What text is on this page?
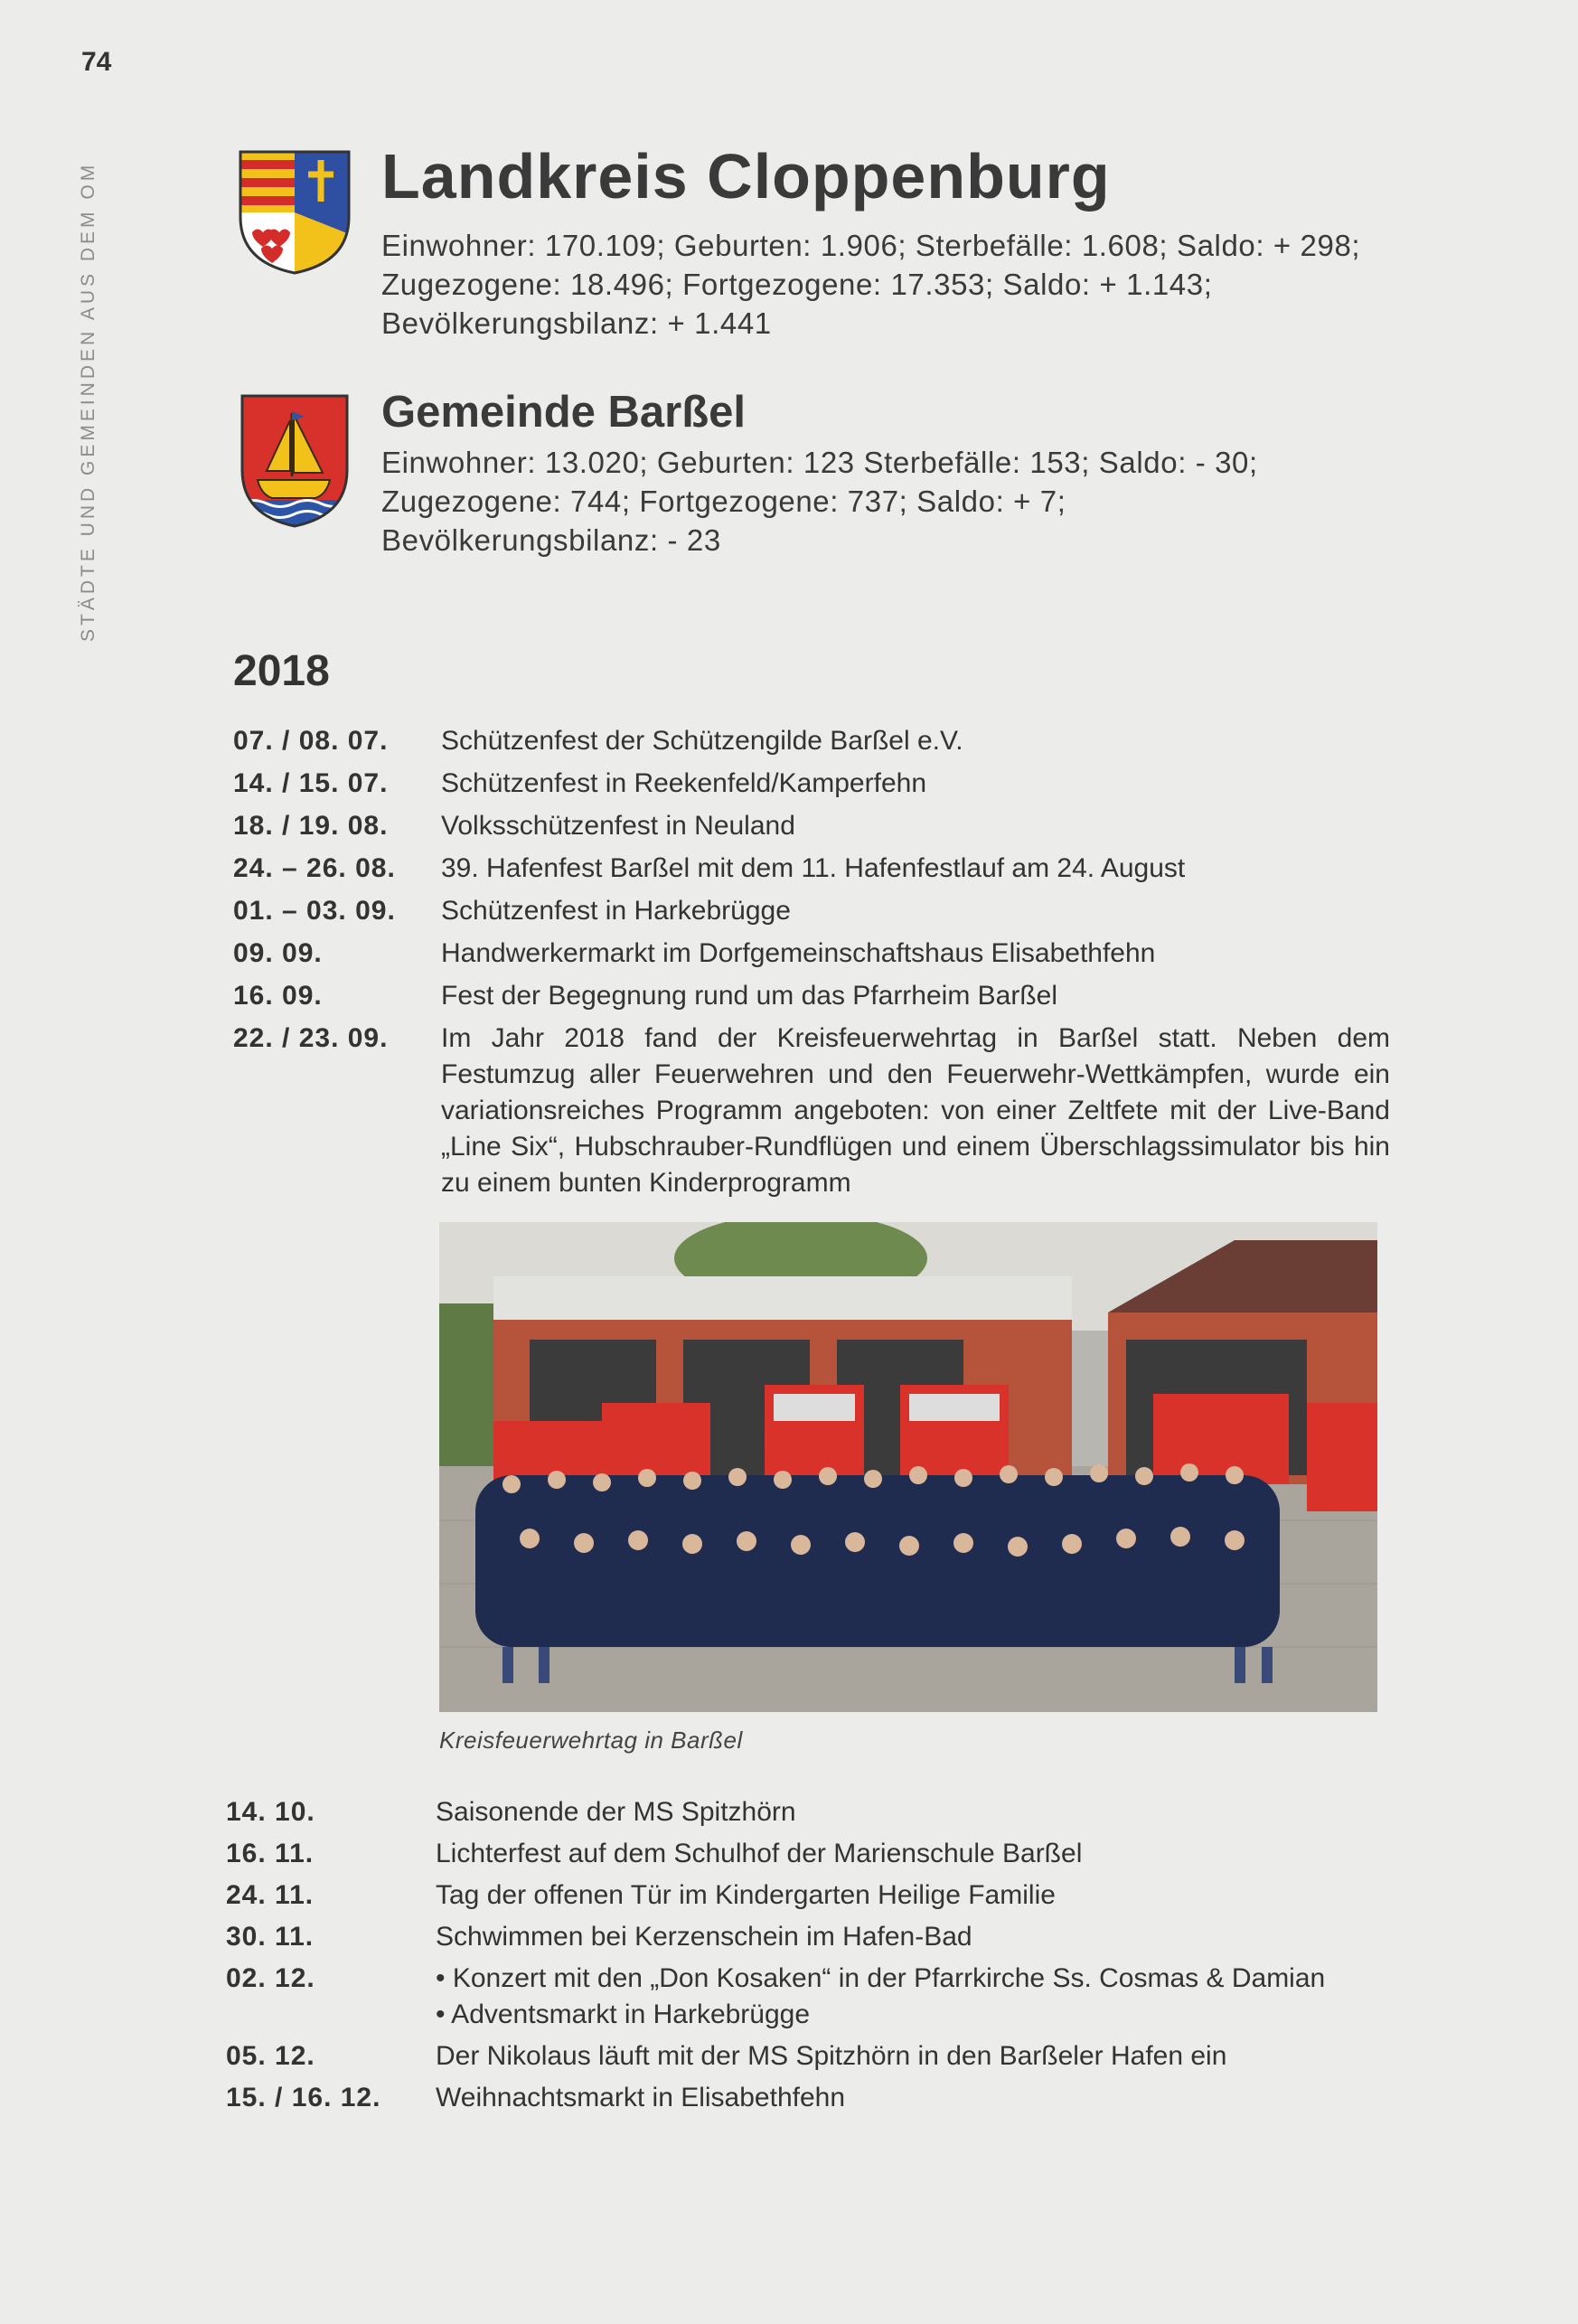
74
STÄDTE UND GEMEINDEN AUS DEM OM	Landkreis Cloppenburg

Einwohner: 170.109; Geburten: 1.906; Sterbefälle: 1.608; Saldo: + 298;

Zugezogene: 18.496; Fortgezogene: 17.353; Saldo: + 1.143;

Bevölkerungsbilanz: + 1.441

Gemeinde Barßel

Einwohner: 13.020; Geburten: 123 Sterbefälle: 153; Saldo: - 30;

Zugezogene: 744; Fortgezogene: 737; Saldo: + 7;

Bevölkerungsbilanz: - 23

2018
07. / 08. 07.	Schützenfest der Schützengilde Barßel e.V.
14. / 15. 07.	Schützenfest in Reekenfeld/Kamperfehn
18. / 19. 08.	Volksschützenfest in Neuland
24. – 26. 08.	39. Hafenfest Barßel mit dem 11. Hafenfestlauf am 24. August
01. – 03. 09.	Schützenfest in Harkebrügge
09. 09.	Handwerkermarkt im Dorfgemeinschaftshaus Elisabethfehn
16. 09.	Fest der Begegnung rund um das Pfarrheim Barßel
22. / 23. 09.	Im Jahr 2018 fand der Kreisfeuerwehrtag in Barßel statt. Neben dem Festumzug aller Feuerwehren und den Feuerwehr-Wettkämpfen, wurde ein variationsreiches Programm angeboten: von einer Zeltfete mit der Live-Band „Line Six“, Hubschrauber-Rundflügen und einem Überschlagssimulator bis hin zu einem bunten Kinderprogramm
Kreisfeuerwehrtag in Barßel
14. 10.	Saisonende der MS Spitzhörn
16. 11.	Lichterfest auf dem Schulhof der Marienschule Barßel
24. 11.	Tag der offenen Tür im Kindergarten Heilige Familie
30. 11.	Schwimmen bei Kerzenschein im Hafen-Bad
02. 12.	• Konzert mit den „Don Kosaken“ in der Pfarrkirche Ss. Cosmas & Damian
• Adventsmarkt in Harkebrügge
05. 12.	Der Nikolaus läuft mit der MS Spitzhörn in den Barßeler Hafen ein
15. / 16. 12.	Weihnachtsmarkt in Elisabethfehn
